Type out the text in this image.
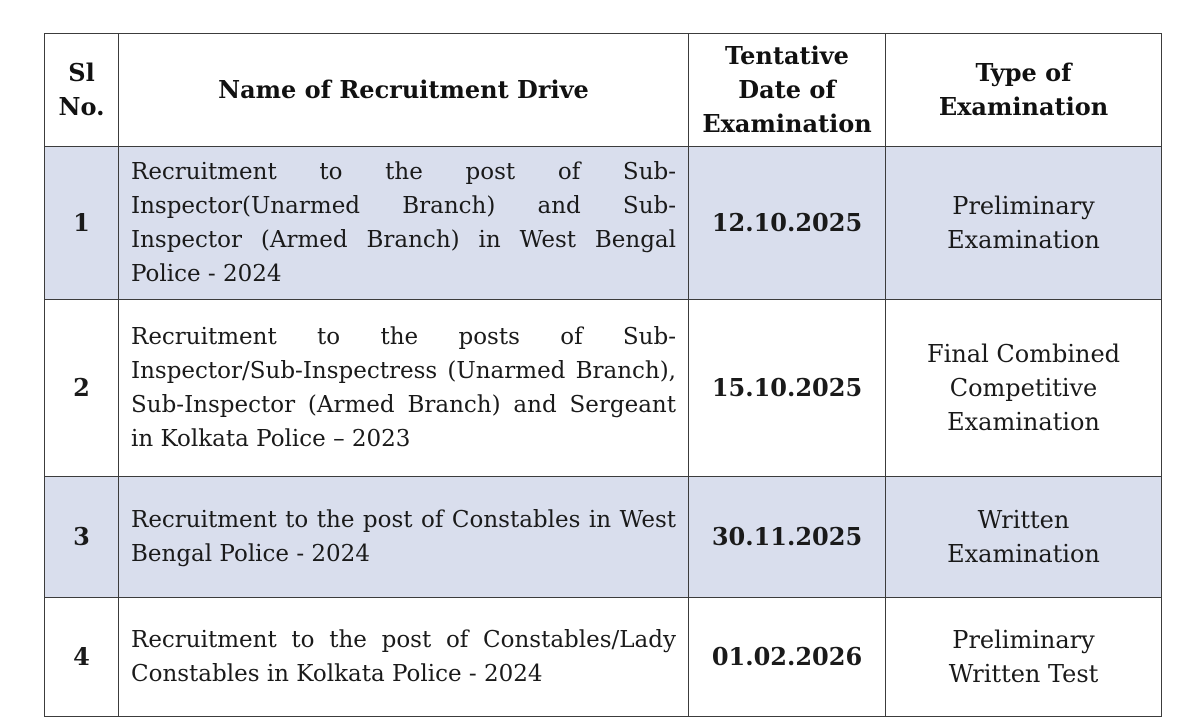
Sl No.	Name of Recruitment Drive	Tentative Date of Examination	Type of Examination

1	Recruitment to the post of Sub-Inspector(Unarmed Branch) and Sub-Inspector (Armed Branch) in West Bengal Police - 2024	12.10.2025	Preliminary Examination

2	Recruitment to the posts of Sub-Inspector/Sub-Inspectress (Unarmed Branch), Sub-Inspector (Armed Branch) and Sergeant in Kolkata Police – 2023	15.10.2025	Final Combined Competitive Examination

3	Recruitment to the post of Constables in West Bengal Police - 2024	30.11.2025	Written Examination

4	Recruitment to the post of Constables/Lady Constables in Kolkata Police - 2024	01.02.2026	Preliminary Written Test
